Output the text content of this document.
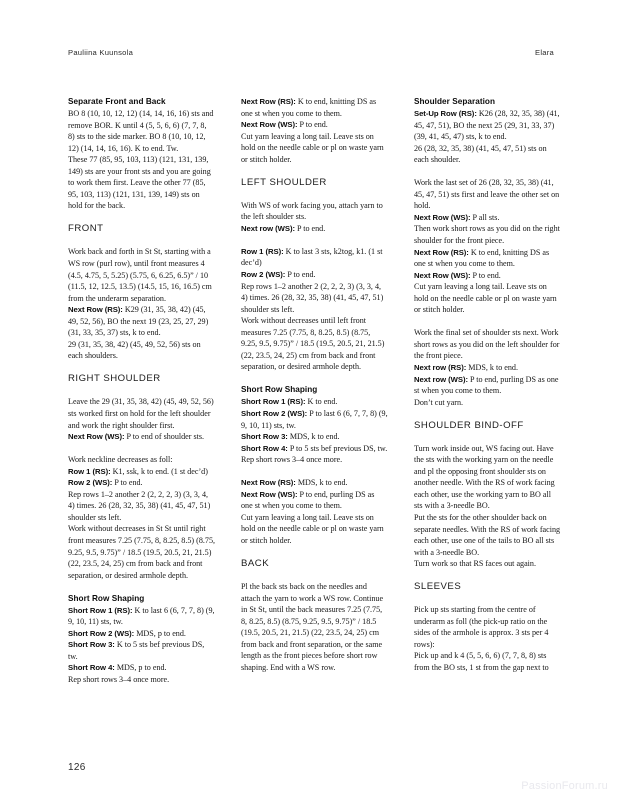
Pauliina Kuunsola	Elara
Separate Front and Back

BO 8 (10, 10, 12, 12) (14, 14, 16, 16) sts and remove BOR. K until 4 (5, 5, 6, 6) (7, 7, 8, 8) sts to the side marker. BO 8 (10, 10, 12, 12) (14, 14, 16, 16). K to end. Tw.

These 77 (85, 95, 103, 113) (121, 131, 139, 149) sts are your front sts and you are going to work them first. Leave the other 77 (85, 95, 103, 113) (121, 131, 139, 149) sts on hold for the back.

FRONT

Work back and forth in St St, starting with a WS row (purl row), until front measures 4 (4.5, 4.75, 5, 5.25) (5.75, 6, 6.25, 6.5)” / 10 (11.5, 12, 12.5, 13.5) (14.5, 15, 16, 16.5) cm from the underarm separation.

Next Row (RS): K29 (31, 35, 38, 42) (45, 49, 52, 56), BO the next 19 (23, 25, 27, 29) (31, 33, 35, 37) sts, k to end.

29 (31, 35, 38, 42) (45, 49, 52, 56) sts on each shoulders.

RIGHT SHOULDER

Leave the 29 (31, 35, 38, 42) (45, 49, 52, 56) sts worked first on hold for the left shoulder and work the right shoulder first.

Next Row (WS): P to end of shoulder sts.

Work neckline decreases as foll:

Row 1 (RS): K1, ssk, k to end. (1 st dec’d)

Row 2 (WS): P to end.

Rep rows 1–2 another 2 (2, 2, 2, 3) (3, 3, 4, 4) times. 26 (28, 32, 35, 38) (41, 45, 47, 51) shoulder sts left.

Work without decreases in St St until right front measures 7.25 (7.75, 8, 8.25, 8.5) (8.75, 9.25, 9.5, 9.75)” / 18.5 (19.5, 20.5, 21, 21.5) (22, 23.5, 24, 25) cm from back and front separation, or desired armhole depth.

Short Row Shaping

Short Row 1 (RS): K to last 6 (6, 7, 7, 8) (9, 9, 10, 11) sts, tw.

Short Row 2 (WS): MDS, p to end.

Short Row 3: K to 5 sts bef previous DS, tw.

Short Row 4: MDS, p to end.

Rep short rows 3–4 once more.

Next Row (RS): K to end, knitting DS as one st when you come to them.

Next Row (WS): P to end.

Cut yarn leaving a long tail. Leave sts on hold on the needle cable or pl on waste yarn or stitch holder.

LEFT SHOULDER

With WS of work facing you, attach yarn to the left shoulder sts.

Next row (WS): P to end.

Row 1 (RS): K to last 3 sts, k2tog, k1. (1 st dec’d)

Row 2 (WS): P to end.

Rep rows 1–2 another 2 (2, 2, 2, 3) (3, 3, 4, 4) times. 26 (28, 32, 35, 38) (41, 45, 47, 51) shoulder sts left.

Work without decreases until left front measures 7.25 (7.75, 8, 8.25, 8.5) (8.75, 9.25, 9.5, 9.75)” / 18.5 (19.5, 20.5, 21, 21.5) (22, 23.5, 24, 25) cm from back and front separation, or desired armhole depth.

Short Row Shaping

Short Row 1 (RS): K to end.

Short Row 2 (WS): P to last 6 (6, 7, 7, 8) (9, 9, 10, 11) sts, tw.

Short Row 3: MDS, k to end.

Short Row 4: P to 5 sts bef previous DS, tw.

Rep short rows 3–4 once more.

Next Row (RS): MDS, k to end.

Next Row (WS): P to end, purling DS as one st when you come to them.

Cut yarn leaving a long tail. Leave sts on hold on the needle cable or pl on waste yarn or stitch holder.

BACK

Pl the back sts back on the needles and attach the yarn to work a WS row. Continue in St St, until the back measures 7.25 (7.75, 8, 8.25, 8.5) (8.75, 9.25, 9.5, 9.75)” / 18.5 (19.5, 20.5, 21, 21.5) (22, 23.5, 24, 25) cm from back and front separation, or the same length as the front pieces before short row shaping. End with a WS row.

Shoulder Separation

Set-Up Row (RS): K26 (28, 32, 35, 38) (41, 45, 47, 51), BO the next 25 (29, 31, 33, 37) (39, 41, 45, 47) sts, k to end.

26 (28, 32, 35, 38) (41, 45, 47, 51) sts on each shoulder.

Work the last set of 26 (28, 32, 35, 38) (41, 45, 47, 51) sts first and leave the other set on hold.

Next Row (WS): P all sts.

Then work short rows as you did on the right shoulder for the front piece.

Next Row (RS): K to end, knitting DS as one st when you come to them.

Next Row (WS): P to end.

Cut yarn leaving a long tail. Leave sts on hold on the needle cable or pl on waste yarn or stitch holder.

Work the final set of shoulder sts next. Work short rows as you did on the left shoulder for the front piece.

Next row (RS): MDS, k to end.

Next row (WS): P to end, purling DS as one st when you come to them.

Don’t cut yarn.

SHOULDER BIND-OFF

Turn work inside out, WS facing out. Have the sts with the working yarn on the needle and pl the opposing front shoulder sts on another needle. With the RS of work facing each other, use the working yarn to BO all sts with a 3-needle BO.

Put the sts for the other shoulder back on separate needles. With the RS of work facing each other, use one of the tails to BO all sts with a 3-needle BO.

Turn work so that RS faces out again.

SLEEVES

Pick up sts starting from the centre of underarm as foll (the pick-up ratio on the sides of the armhole is approx. 3 sts per 4 rows):

Pick up and k 4 (5, 5, 6, 6) (7, 7, 8, 8) sts from the BO sts, 1 st from the gap next to

126
PassionForum.ru
